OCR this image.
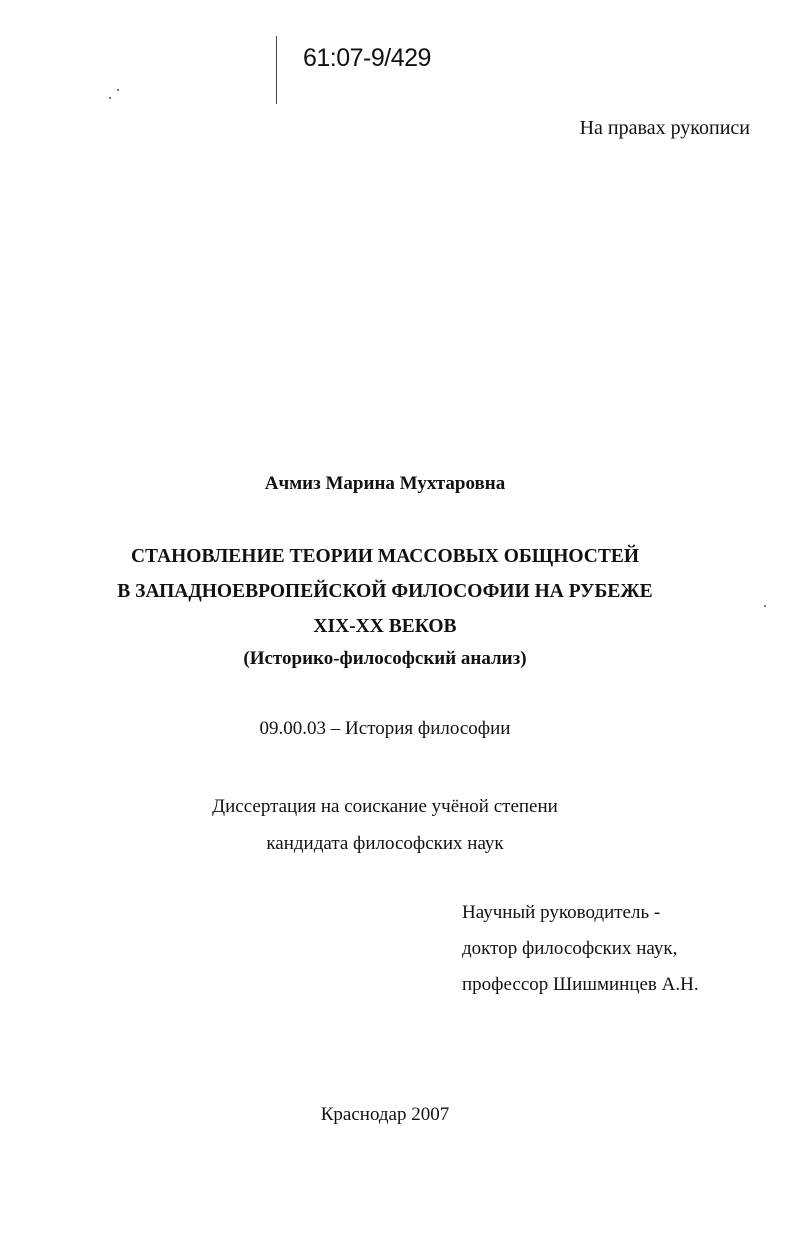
61:07-9/429
На правах рукописи
Ачмиз Марина Мухтаровна
СТАНОВЛЕНИЕ ТЕОРИИ МАССОВЫХ ОБЩНОСТЕЙ
В ЗАПАДНОЕВРОПЕЙСКОЙ ФИЛОСОФИИ НА РУБЕЖЕ
XIX-XX ВЕКОВ
(Историко-философский анализ)
09.00.03 – История философии
Диссертация на соискание учёной степени
кандидата философских наук
Научный руководитель -
доктор философских наук,
профессор Шишминцев А.Н.
Краснодар 2007
